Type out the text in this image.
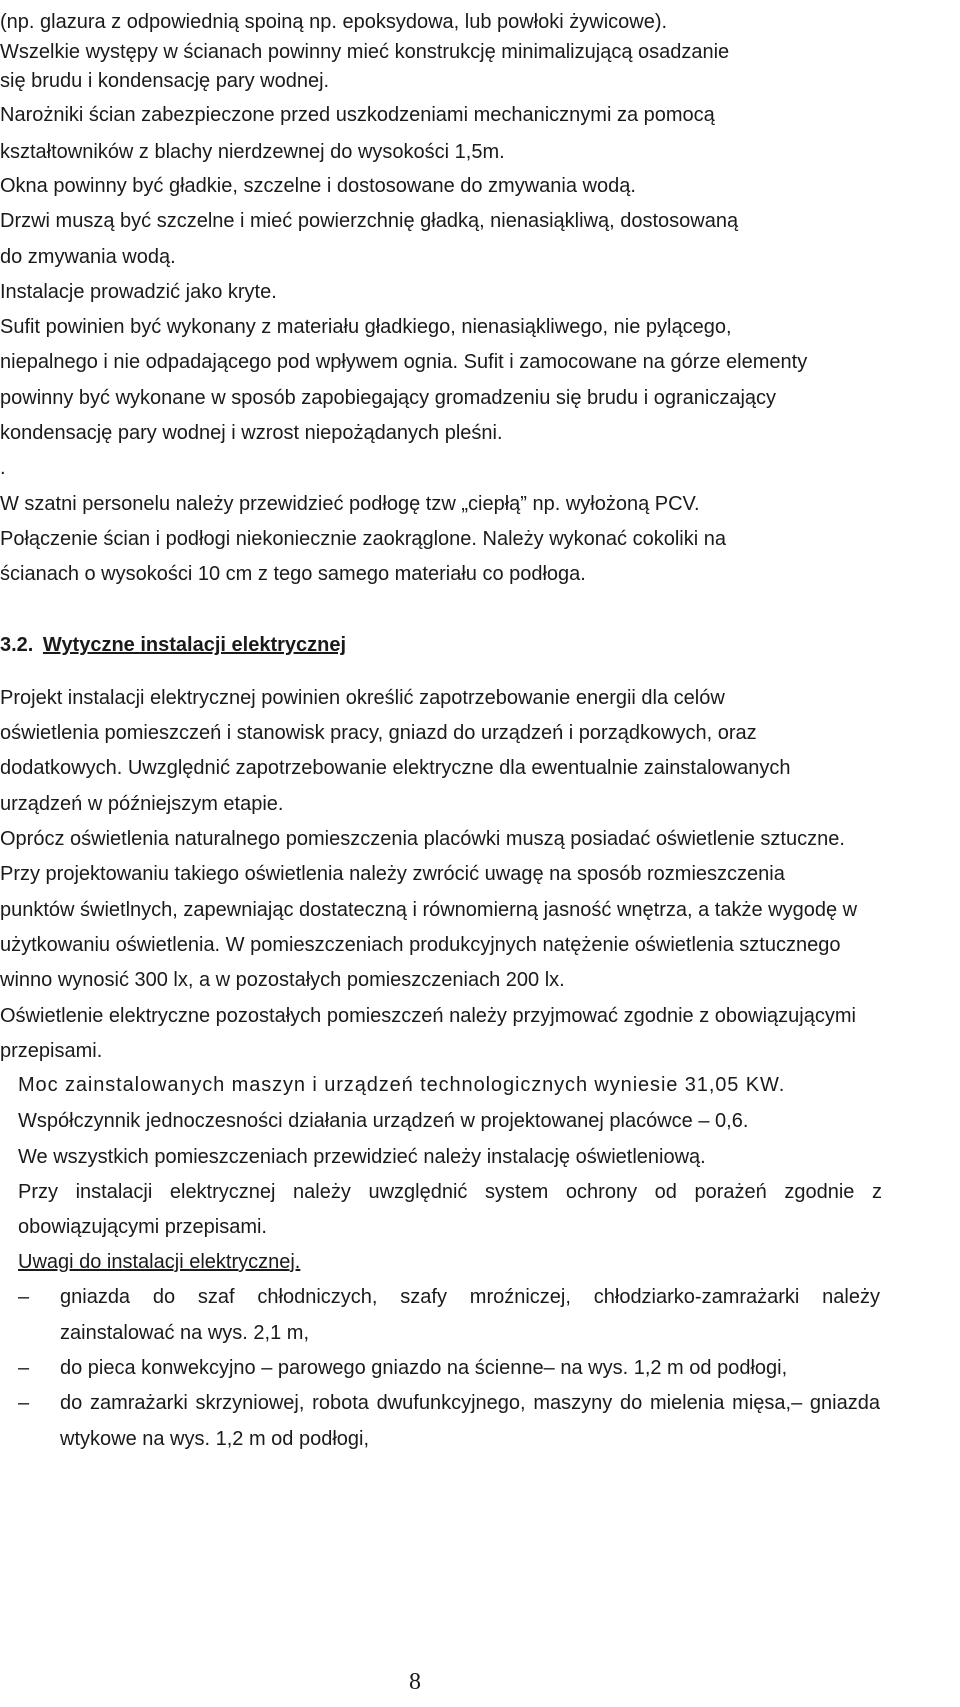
(np. glazura z odpowiednią spoiną np. epoksydowa, lub powłoki żywicowe).
Wszelkie występy w ścianach powinny mieć konstrukcję minimalizującą osadzanie
się brudu i kondensację pary wodnej.
Narożniki ścian zabezpieczone przed uszkodzeniami mechanicznymi za pomocą
kształtowników z blachy nierdzewnej do wysokości 1,5m.
Okna powinny być gładkie, szczelne i dostosowane do zmywania wodą.
Drzwi muszą być szczelne i mieć powierzchnię gładką, nienasiąkliwą, dostosowaną
do zmywania wodą.
Instalacje prowadzić jako kryte.
Sufit powinien być wykonany z materiału gładkiego, nienasiąkliwego, nie pylącego,
niepalnego i nie odpadającego pod wpływem ognia. Sufit i zamocowane na górze elementy
powinny być wykonane w sposób zapobiegający gromadzeniu się brudu i ograniczający
kondensację pary wodnej i wzrost niepożądanych pleśni.
.
W szatni personelu należy przewidzieć podłogę tzw „ciepłą” np. wyłożoną PCV.
Połączenie ścian i podłogi niekoniecznie zaokrąglone. Należy wykonać cokoliki na
ścianach o wysokości 10 cm z tego samego materiału co podłoga.
3.2. Wytyczne instalacji elektrycznej
Projekt instalacji elektrycznej powinien określić zapotrzebowanie energii dla celów
oświetlenia pomieszczeń i stanowisk pracy, gniazd do urządzeń i porządkowych, oraz
dodatkowych. Uwzględnić zapotrzebowanie elektryczne dla ewentualnie zainstalowanych
urządzeń w późniejszym etapie.
Oprócz oświetlenia naturalnego pomieszczenia placówki muszą posiadać oświetlenie sztuczne.
Przy projektowaniu takiego oświetlenia należy zwrócić uwagę na sposób rozmieszczenia
punktów świetlnych, zapewniając dostateczną i równomierną jasność wnętrza, a także wygodę w
użytkowaniu oświetlenia. W pomieszczeniach produkcyjnych natężenie oświetlenia sztucznego
winno wynosić 300 lx, a w pozostałych pomieszczeniach 200 lx.
Oświetlenie elektryczne pozostałych pomieszczeń należy przyjmować zgodnie z obowiązującymi
przepisami.
Moc zainstalowanych maszyn i urządzeń technologicznych wyniesie 31,05 KW.
Współczynnik jednoczesności działania urządzeń w projektowanej placówce – 0,6.
We wszystkich pomieszczeniach przewidzieć należy instalację oświetleniową.
Przy instalacji elektrycznej należy uwzględnić system ochrony od porażeń zgodnie z
obowiązującymi przepisami.
Uwagi do instalacji elektrycznej.
– gniazda do szaf chłodniczych, szafy mroźniczej, chłodziarko-zamrażarki należy
zainstalować na wys. 2,1 m,
– do pieca konwekcyjno – parowego gniazdo na ścienne– na wys. 1,2 m od podłogi,
– do zamrażarki skrzyniowej, robota dwufunkcyjnego, maszyny do mielenia mięsa,– gniazda
wtykowe na wys. 1,2 m od podłogi,
8
